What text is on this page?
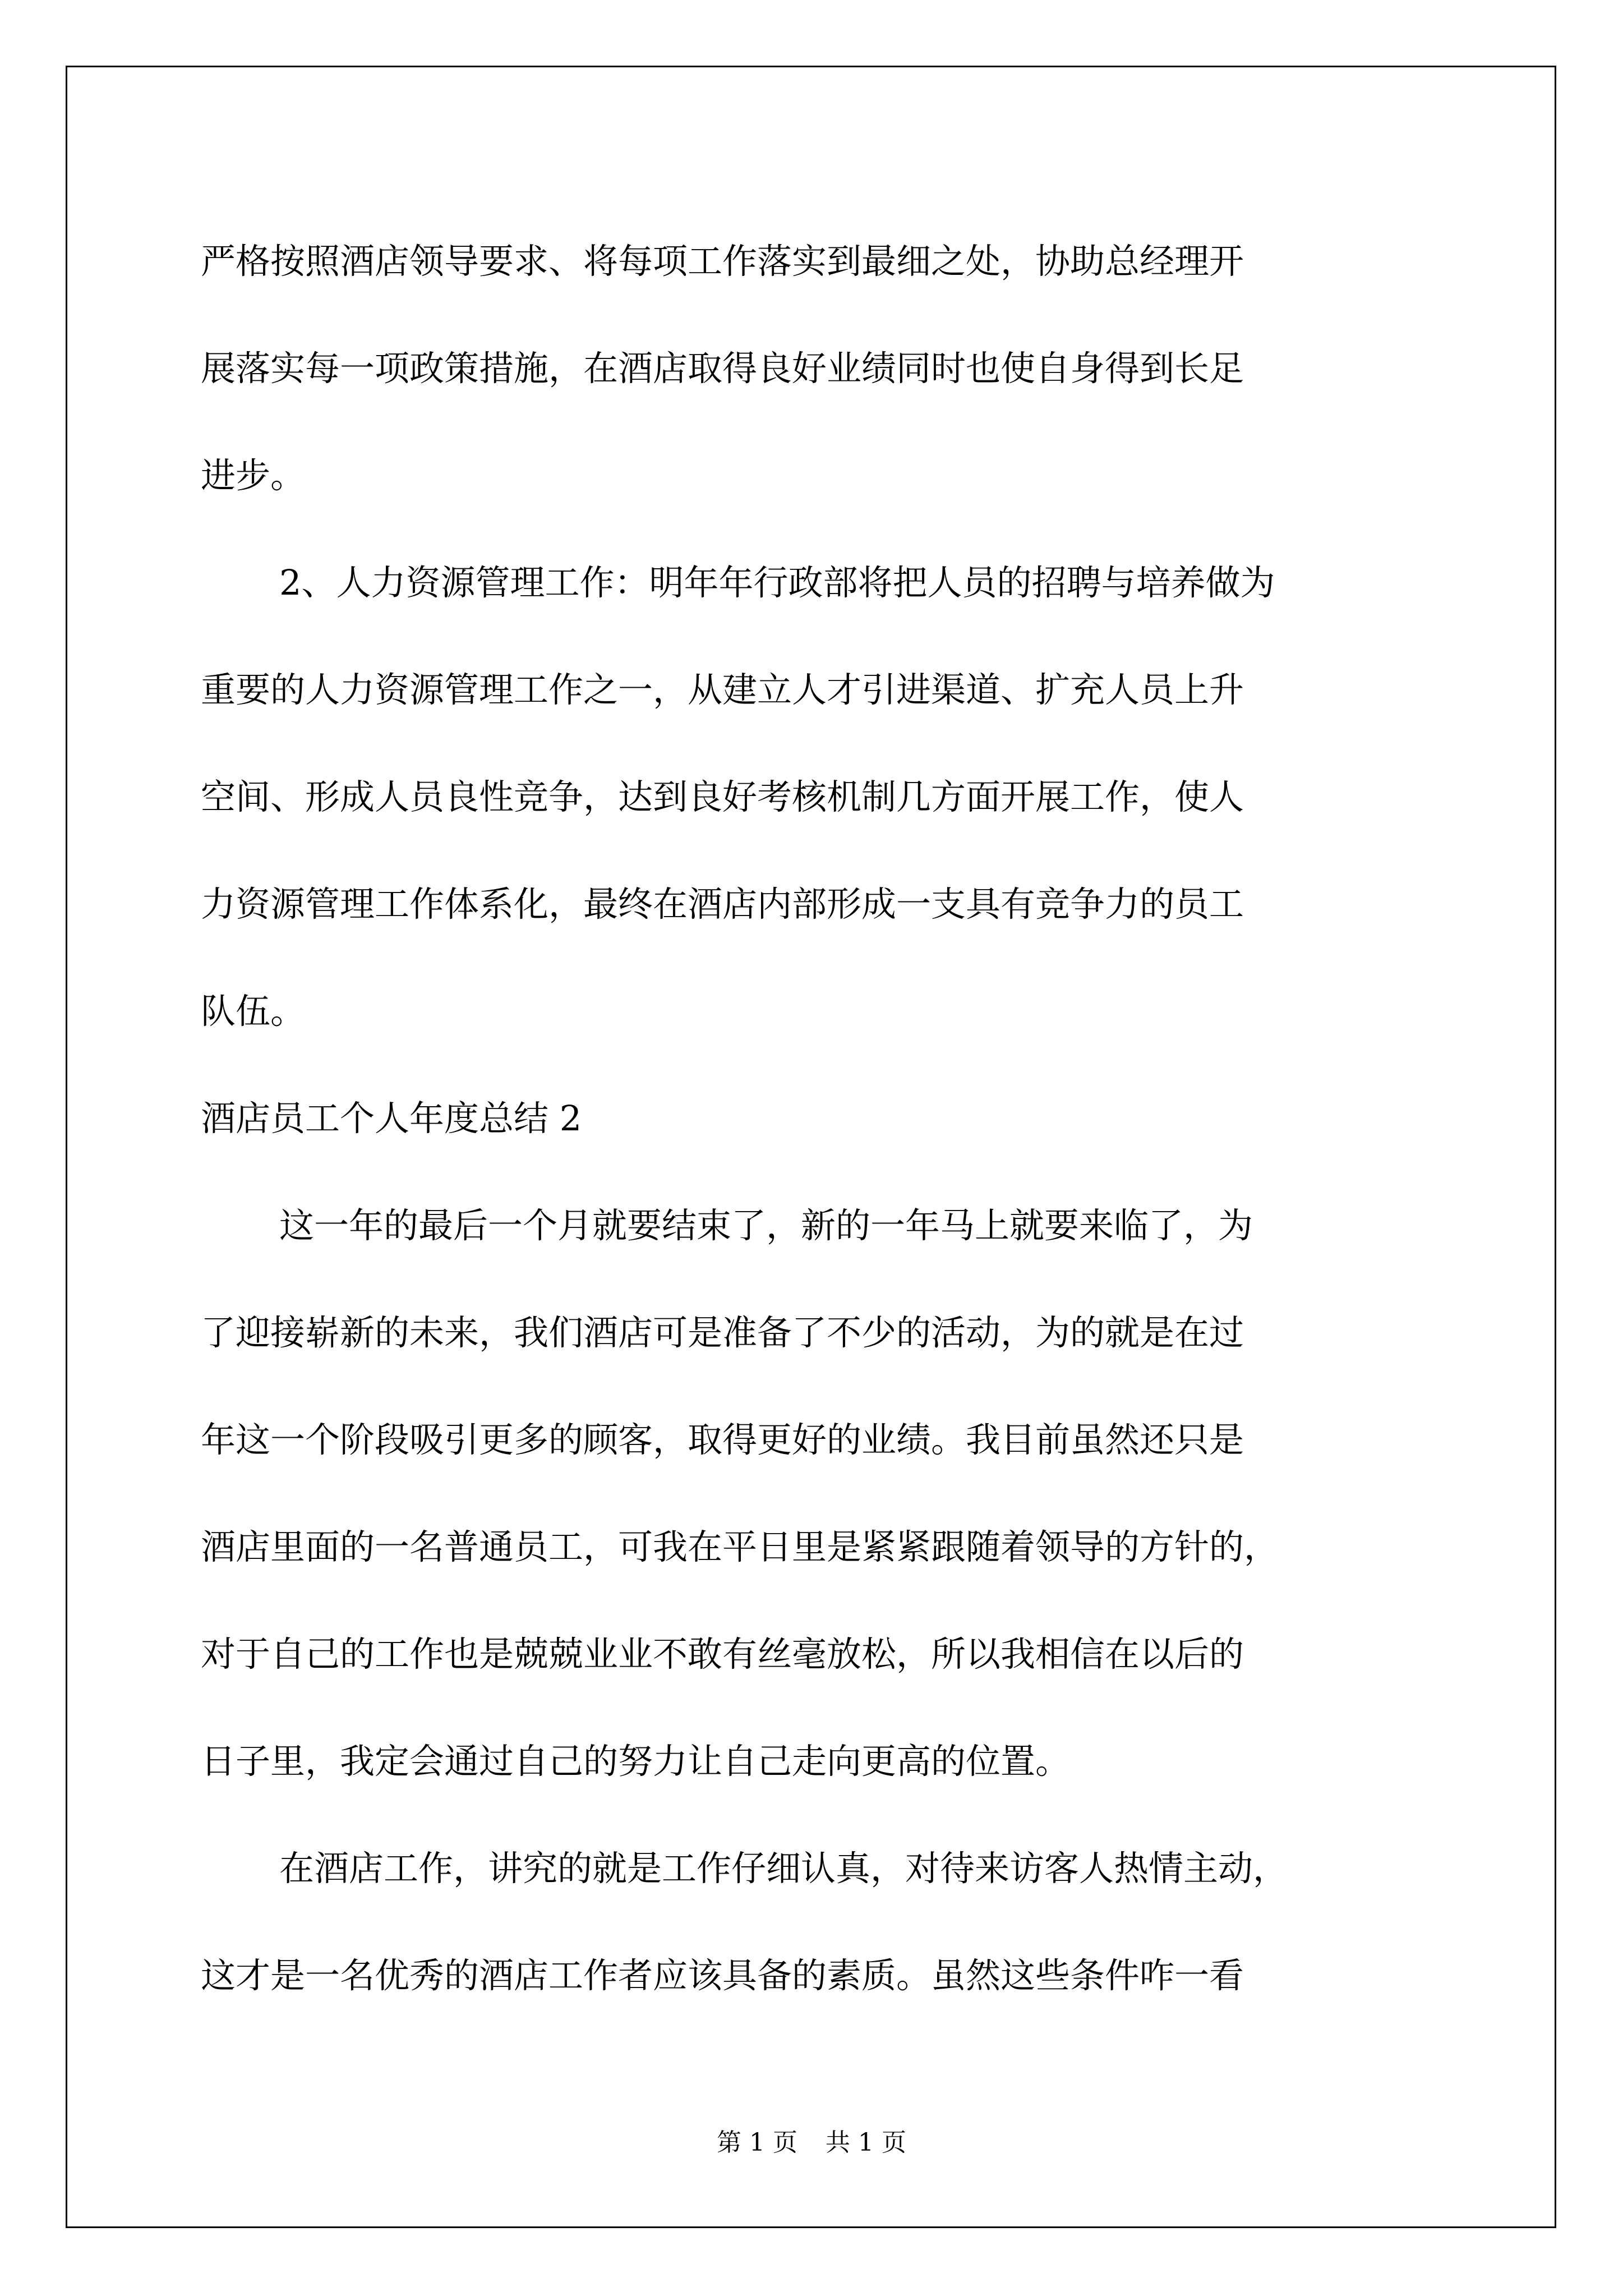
严格按照酒店领导要求、将每项工作落实到最细之处，协助总经理开
展落实每一项政策措施，在酒店取得良好业绩同时也使自身得到长足
进步。
2、人力资源管理工作：明年年行政部将把人员的招聘与培养做为
重要的人力资源管理工作之一，从建立人才引进渠道、扩充人员上升
空间、形成人员良性竞争，达到良好考核机制几方面开展工作，使人
力资源管理工作体系化，最终在酒店内部形成一支具有竞争力的员工
队伍。
酒店员工个人年度总结 2
这一年的最后一个月就要结束了，新的一年马上就要来临了，为
了迎接崭新的未来，我们酒店可是准备了不少的活动，为的就是在过
年这一个阶段吸引更多的顾客，取得更好的业绩。我目前虽然还只是
酒店里面的一名普通员工，可我在平日里是紧紧跟随着领导的方针的，
对于自己的工作也是兢兢业业不敢有丝毫放松，所以我相信在以后的
日子里，我定会通过自己的努力让自己走向更高的位置。
在酒店工作，讲究的就是工作仔细认真，对待来访客人热情主动，
这才是一名优秀的酒店工作者应该具备的素质。虽然这些条件咋一看
第 1 页 共 1 页
